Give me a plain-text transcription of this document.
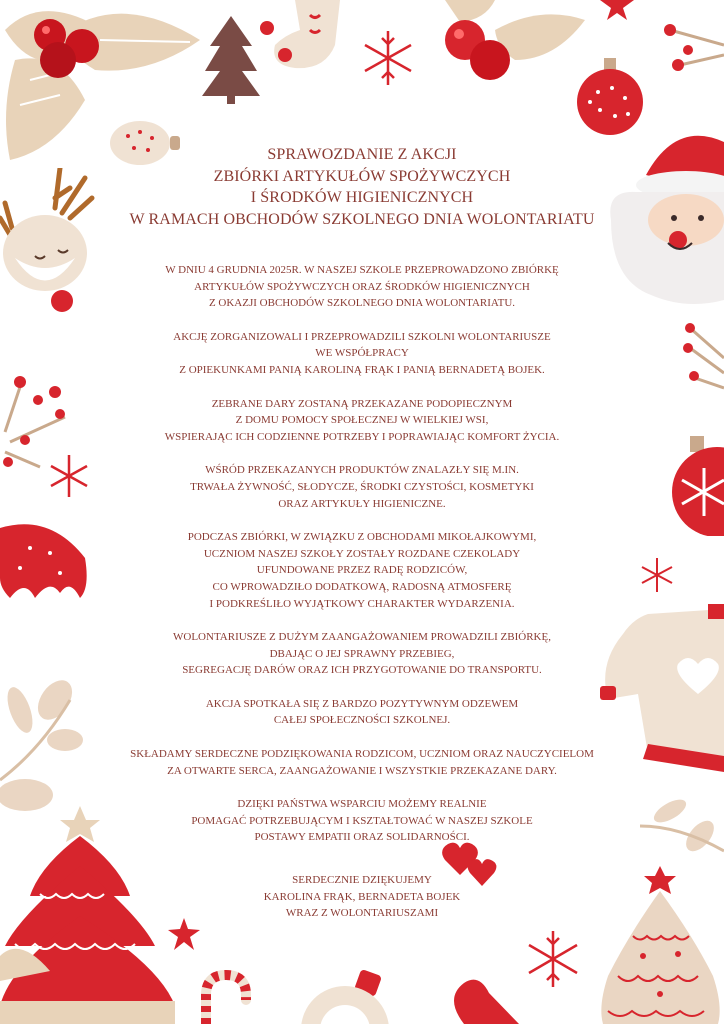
SPRAWOZDANIE Z AKCJI
ZBIÓRKI ARTYKUŁÓW SPOŻYWCZYCH
I ŚRODKÓW HIGIENICZNYCH
W RAMACH OBCHODÓW SZKOLNEGO DNIA WOLONTARIATU
W DNIU 4 GRUDNIA 2025R. W NASZEJ SZKOLE PRZEPROWADZONO ZBIÓRKĘ
ARTYKUŁÓW SPOŻYWCZYCH ORAZ ŚRODKÓW HIGIENICZNYCH
Z OKAZJI OBCHODÓW SZKOLNEGO DNIA WOLONTARIATU.
AKCJĘ ZORGANIZOWALI I PRZEPROWADZILI SZKOLNI WOLONTARIUSZE
WE WSPÓŁPRACY
Z OPIEKUNKAMI PANIĄ KAROLINĄ FRĄK I PANIĄ BERNADETĄ BOJEK.
ZEBRANE DARY ZOSTANĄ PRZEKAZANE PODOPIECZNYM
Z DOMU POMOCY SPOŁECZNEJ W WIELKIEJ WSI,
WSPIERAJĄC ICH CODZIENNE POTRZEBY I POPRAWIAJĄC KOMFORT ŻYCIA.
WŚRÓD PRZEKAZANYCH PRODUKTÓW ZNALAZŁY SIĘ M.IN.
TRWAŁA ŻYWNOŚĆ, SŁODYCZE, ŚRODKI CZYSTOŚCI, KOSMETYKI
ORAZ ARTYKUŁY HIGIENICZNE.
PODCZAS ZBIÓRKI, W ZWIĄZKU Z OBCHODAMI MIKOŁAJKOWYMI,
UCZNIOM NASZEJ SZKOŁY ZOSTAŁY ROZDANE CZEKOLADY
UFUNDOWANE PRZEZ RADĘ RODZICÓW,
CO WPROWADZIŁO DODATKOWĄ, RADOSNĄ ATMOSFERĘ
I PODKREŚLIŁO WYJĄTKOWY CHARAKTER WYDARZENIA.
WOLONTARIUSZE Z DUŻYM ZAANGAŻOWANIEM PROWADZILI ZBIÓRKĘ,
DBAJĄC O JEJ SPRAWNY PRZEBIEG,
SEGREGACJĘ DARÓW ORAZ ICH PRZYGOTOWANIE DO TRANSPORTU.
AKCJA SPOTKAŁA SIĘ Z BARDZO POZYTYWNYM ODZEWEM
CAŁEJ SPOŁECZNOŚCI SZKOLNEJ.
SKŁADAMY SERDECZNE PODZIĘKOWANIA RODZICOM, UCZNIOM ORAZ NAUCZYCIELOM
ZA OTWARTE SERCA, ZAANGAŻOWANIE I WSZYSTKIE PRZEKAZANE DARY.
DZIĘKI PAŃSTWA WSPARCIU MOŻEMY REALNIE
POMAGAĆ POTRZEBUJĄCYM I KSZTAŁTOWAĆ W NASZEJ SZKOLE
POSTAWY EMPATII ORAZ SOLIDARNOŚCI.
SERDECZNIE DZIĘKUJEMY
KAROLINA FRĄK, BERNADETA BOJEK
WRAZ Z WOLONTARIUSZAMI
